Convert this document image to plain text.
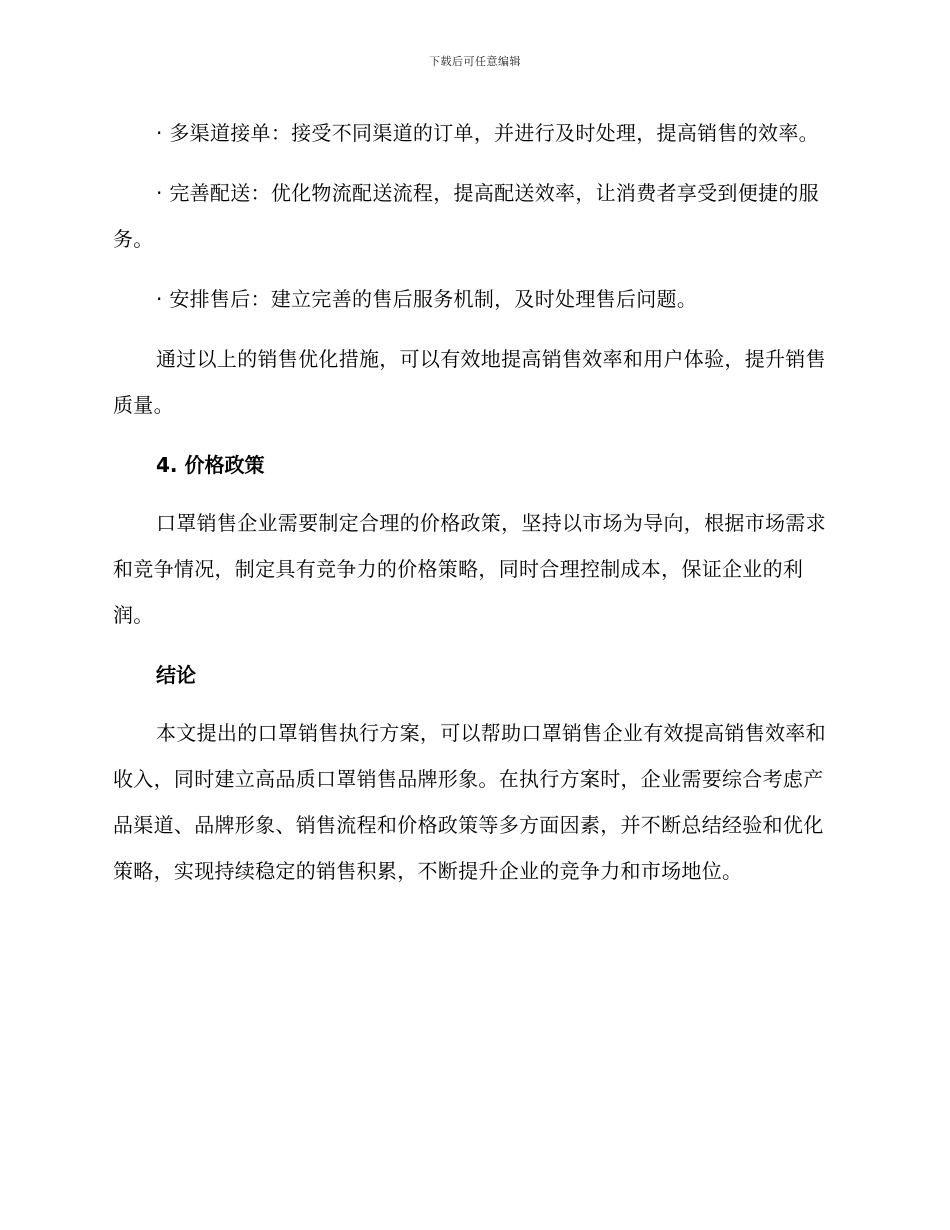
下载后可任意编辑

· 多渠道接单：接受不同渠道的订单，并进行及时处理，提高销售的效率。

· 完善配送：优化物流配送流程，提高配送效率，让消费者享受到便捷的服务。

· 安排售后：建立完善的售后服务机制，及时处理售后问题。

通过以上的销售优化措施，可以有效地提高销售效率和用户体验，提升销售质量。

4. 价格政策

口罩销售企业需要制定合理的价格政策，坚持以市场为导向，根据市场需求和竞争情况，制定具有竞争力的价格策略，同时合理控制成本，保证企业的利润。

结论

本文提出的口罩销售执行方案，可以帮助口罩销售企业有效提高销售效率和收入，同时建立高品质口罩销售品牌形象。在执行方案时，企业需要综合考虑产品渠道、品牌形象、销售流程和价格政策等多方面因素，并不断总结经验和优化策略，实现持续稳定的销售积累，不断提升企业的竞争力和市场地位。
